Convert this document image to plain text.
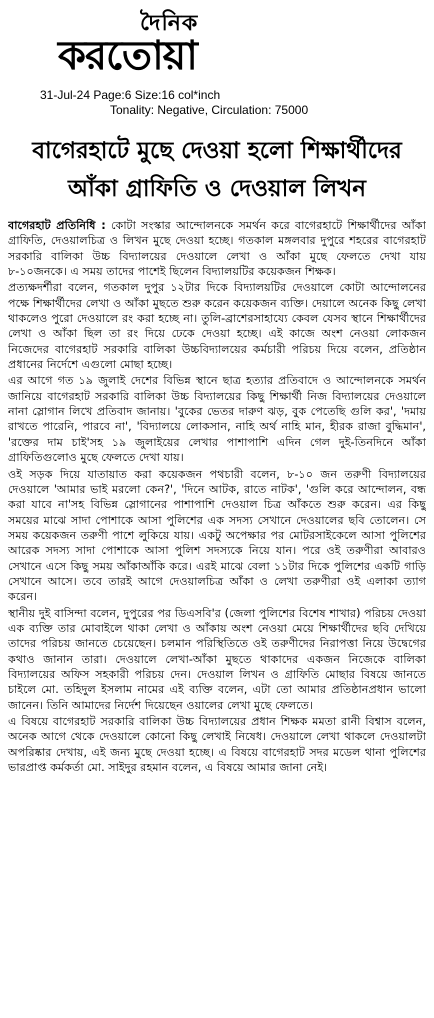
দৈনিক
করতোয়া
31-Jul-24 Page:6 Size:16 col*inch
Tonality: Negative, Circulation: 75000
বাগেরহাটে মুছে দেওয়া হলো শিক্ষার্থীদের
আঁকা গ্রাফিতি ও দেওয়াল লিখন

বাগেরহাট প্রতিনিধি : কোটা সংস্কার আন্দোলনকে সমর্থন করে বাগেরহাটে শিক্ষার্থীদের আঁকা গ্রাফিতি, দেওয়ালচিত্র ও লিখন মুছে দেওয়া হচ্ছে। গতকাল মঙ্গলবার দুপুরে শহরের বাগেরহাট সরকারি বালিকা উচ্চ বিদ্যালয়ের দেওয়ালে লেখা ও আঁকা মুছে ফেলতে দেখা যায় ৮-১০জনকে। এ সময় তাদের পাশেই ছিলেন বিদ্যালয়টির কয়েকজন শিক্ষক।

প্রত্যক্ষদর্শীরা বলেন, গতকাল দুপুর ১২টার দিকে বিদ্যালয়টির দেওয়ালে কোটা আন্দোলনের পক্ষে শিক্ষার্থীদের লেখা ও আঁকা মুছতে শুরু করেন কয়েকজন ব্যক্তি। দেয়ালে অনেক কিছু লেখা থাকলেও পুরো দেওয়ালে রং করা হচ্ছে না। তুলি-ব্রাশেরসাহায্যে কেবল যেসব স্থানে শিক্ষার্থীদের লেখা ও আঁকা ছিল তা রং দিয়ে ঢেকে দেওয়া হচ্ছে। এই কাজে অংশ নেওয়া লোকজন নিজেদের বাগেরহাট সরকারি বালিকা উচ্চবিদ্যালয়ের কর্মচারী পরিচয় দিয়ে বলেন, প্রতিষ্ঠান প্রধানের নির্দেশে এগুলো মোছা হচ্ছে।

এর আগে গত ১৯ জুলাই দেশের বিভিন্ন স্থানে ছাত্র হত্যার প্রতিবাদে ও আন্দোলনকে সমর্থন জানিয়ে বাগেরহাট সরকারি বালিকা উচ্চ বিদ্যালয়ের কিছু শিক্ষার্থী নিজ বিদ্যালয়ের দেওয়ালে নানা স্লোগান লিখে প্রতিবাদ জানায়। 'বুকের ভেতর দারুণ ঝড়, বুক পেতেছি গুলি কর', 'দমায় রাখতে পারেনি, পারবে না', 'বিদ্যালয়ে লোকসান, নাহি অর্থ নাহি মান, হীরক রাজা বুদ্ধিমান', 'রক্তের দাম চাই'সহ ১৯ জুলাইয়ের লেখার পাশাপাশি এদিন গেল দুই-তিনদিনে আঁকা গ্রাফিতিগুলোও মুছে ফেলতে দেখা যায়।

ওই সড়ক দিয়ে যাতায়াত করা কয়েকজন পথচারী বলেন, ৮-১০ জন তরুণী বিদ্যালয়ের দেওয়ালে 'আমার ভাই মরলো কেন?', 'দিনে আটক, রাতে নাটক', 'গুলি করে আন্দোলন, বন্ধ করা যাবে না'সহ বিভিন্ন স্লোগানের পাশাপাশি দেওয়াল চিত্র আঁকতে শুরু করেন। এর কিছু সময়ের মাঝে সাদা পোশাকে আসা পুলিশের এক সদস্য সেখানে দেওয়ালের ছবি তোলেন। সে সময় কয়েকজন তরুণী পাশে লুকিয়ে যায়। একটু অপেক্ষার পর মোটরসাইকেলে আসা পুলিশের আরেক সদস্য সাদা পোশাকে আসা পুলিশ সদস্যকে নিয়ে যান। পরে ওই তরুণীরা আবারও সেখানে এসে কিছু সময় আঁকাআঁকি করে। এরই মাঝে বেলা ১১টার দিকে পুলিশের একটি গাড়ি সেখানে আসে। তবে তারই আগে দেওয়ালচিত্র আঁকা ও লেখা তরুণীরা ওই এলাকা ত্যাগ করেন।

স্থানীয় দুই বাসিন্দা বলেন, দুপুরের পর ডিএসবি'র (জেলা পুলিশের বিশেষ শাখার) পরিচয় দেওয়া এক ব্যক্তি তার মোবাইলে থাকা লেখা ও আঁকায় অংশ নেওয়া মেয়ে শিক্ষার্থীদের ছবি দেখিয়ে তাদের পরিচয় জানতে চেয়েছেন। চলমান পরিস্থিতিতে ওই তরুণীদের নিরাপত্তা নিয়ে উদ্বেগের কথাও জানান তারা। দেওয়ালে লেখা-আঁকা মুছতে থাকাদের একজন নিজেকে বালিকা বিদ্যালয়ের অফিস সহকারী পরিচয় দেন। দেওয়াল লিখন ও গ্রাফিতি মোছার বিষয়ে জানতে চাইলে মো. তহিদুল ইসলাম নামের এই ব্যক্তি বলেন, এটা তো আমার প্রতিষ্ঠানপ্রধান ভালো জানেন। তিনি আমাদের নির্দেশ দিয়েছেন ওয়ালের লেখা মুছে ফেলতে।

এ বিষয়ে বাগেরহাট সরকারি বালিকা উচ্চ বিদ্যালয়ের প্রধান শিক্ষক মমতা রানী বিশ্বাস বলেন, অনেক আগে থেকে দেওয়ালে কোনো কিছু লেখাই নিষেধ। দেওয়ালে লেখা থাকলে দেওয়ালটা অপরিষ্কার দেখায়, এই জন্য মুছে দেওয়া হচ্ছে। এ বিষয়ে বাগেরহাট সদর মডেল থানা পুলিশের ভারপ্রাপ্ত কর্মকর্তা মো. সাইদুর রহমান বলেন, এ বিষয়ে আমার জানা নেই।
